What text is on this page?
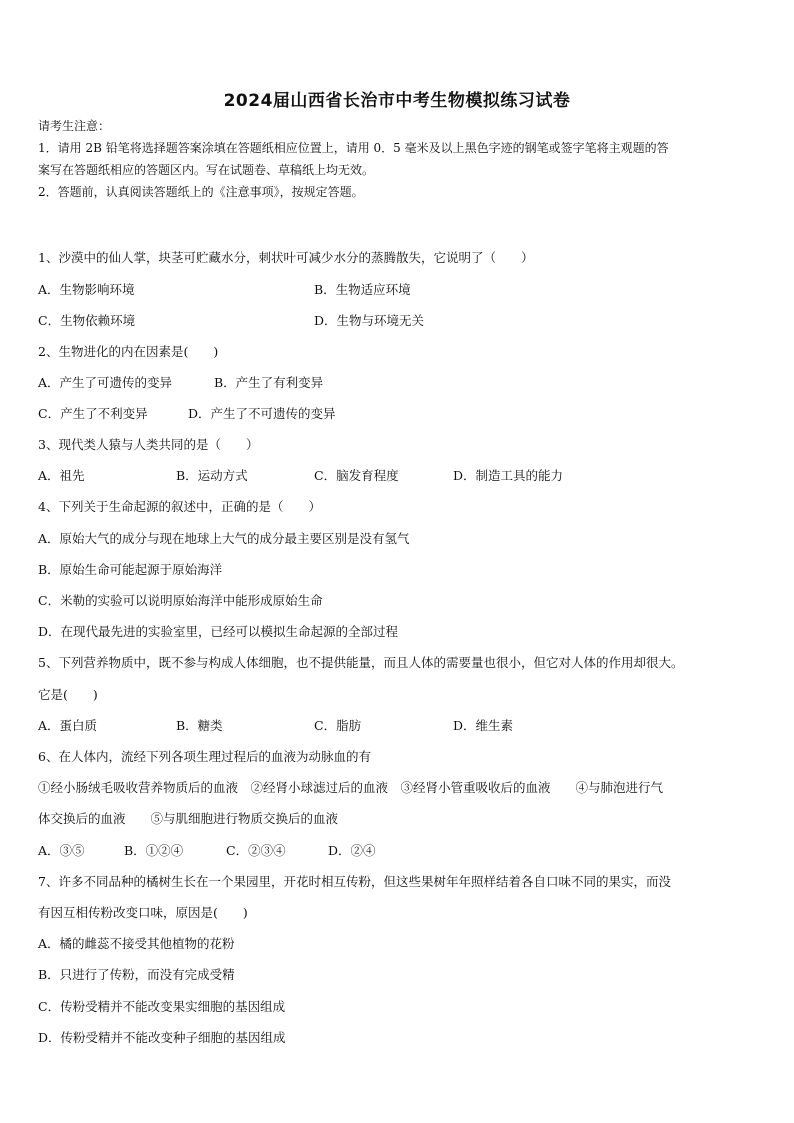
2024届山西省长治市中考生物模拟练习试卷
请考生注意：
1．请用 2B 铅笔将选择题答案涂填在答题纸相应位置上，请用 0．5 毫米及以上黑色字迹的钢笔或签字笔将主观题的答
案写在答题纸相应的答题区内。写在试题卷、草稿纸上均无效。
2．答题前，认真阅读答题纸上的《注意事项》，按规定答题。
1、沙漠中的仙人掌，块茎可贮藏水分，刺状叶可减少水分的蒸腾散失，它说明了（　　）
A．生物影响环境	B．生物适应环境
C．生物依赖环境	D．生物与环境无关
2、生物进化的内在因素是(　　)
A．产生了可遗传的变异	B．产生了有利变异
C．产生了不利变异	D．产生了不可遗传的变异
3、现代类人猿与人类共同的是（　　）
A．祖先	B．运动方式	C．脑发育程度	D．制造工具的能力
4、下列关于生命起源的叙述中，正确的是（　　）
A．原始大气的成分与现在地球上大气的成分最主要区别是没有氢气
B．原始生命可能起源于原始海洋
C．米勒的实验可以说明原始海洋中能形成原始生命
D．在现代最先进的实验室里，已经可以模拟生命起源的全部过程
5、下列营养物质中，既不参与构成人体细胞，也不提供能量，而且人体的需要量也很小，但它对人体的作用却很大。
它是(　　)
A．蛋白质	B．糖类	C．脂肪	D．维生素
6、在人体内，流经下列各项生理过程后的血液为动脉血的有
①经小肠绒毛吸收营养物质后的血液　②经肾小球滤过后的血液　③经肾小管重吸收后的血液　　④与肺泡进行气
体交换后的血液　　⑤与肌细胞进行物质交换后的血液
A．③⑤	B．①②④	C．②③④	D．②④
7、许多不同品种的橘树生长在一个果园里，开花时相互传粉，但这些果树年年照样结着各自口味不同的果实，而没
有因互相传粉改变口味，原因是(　　)
A．橘的雌蕊不接受其他植物的花粉
B．只进行了传粉，而没有完成受精
C．传粉受精并不能改变果实细胞的基因组成
D．传粉受精并不能改变种子细胞的基因组成
